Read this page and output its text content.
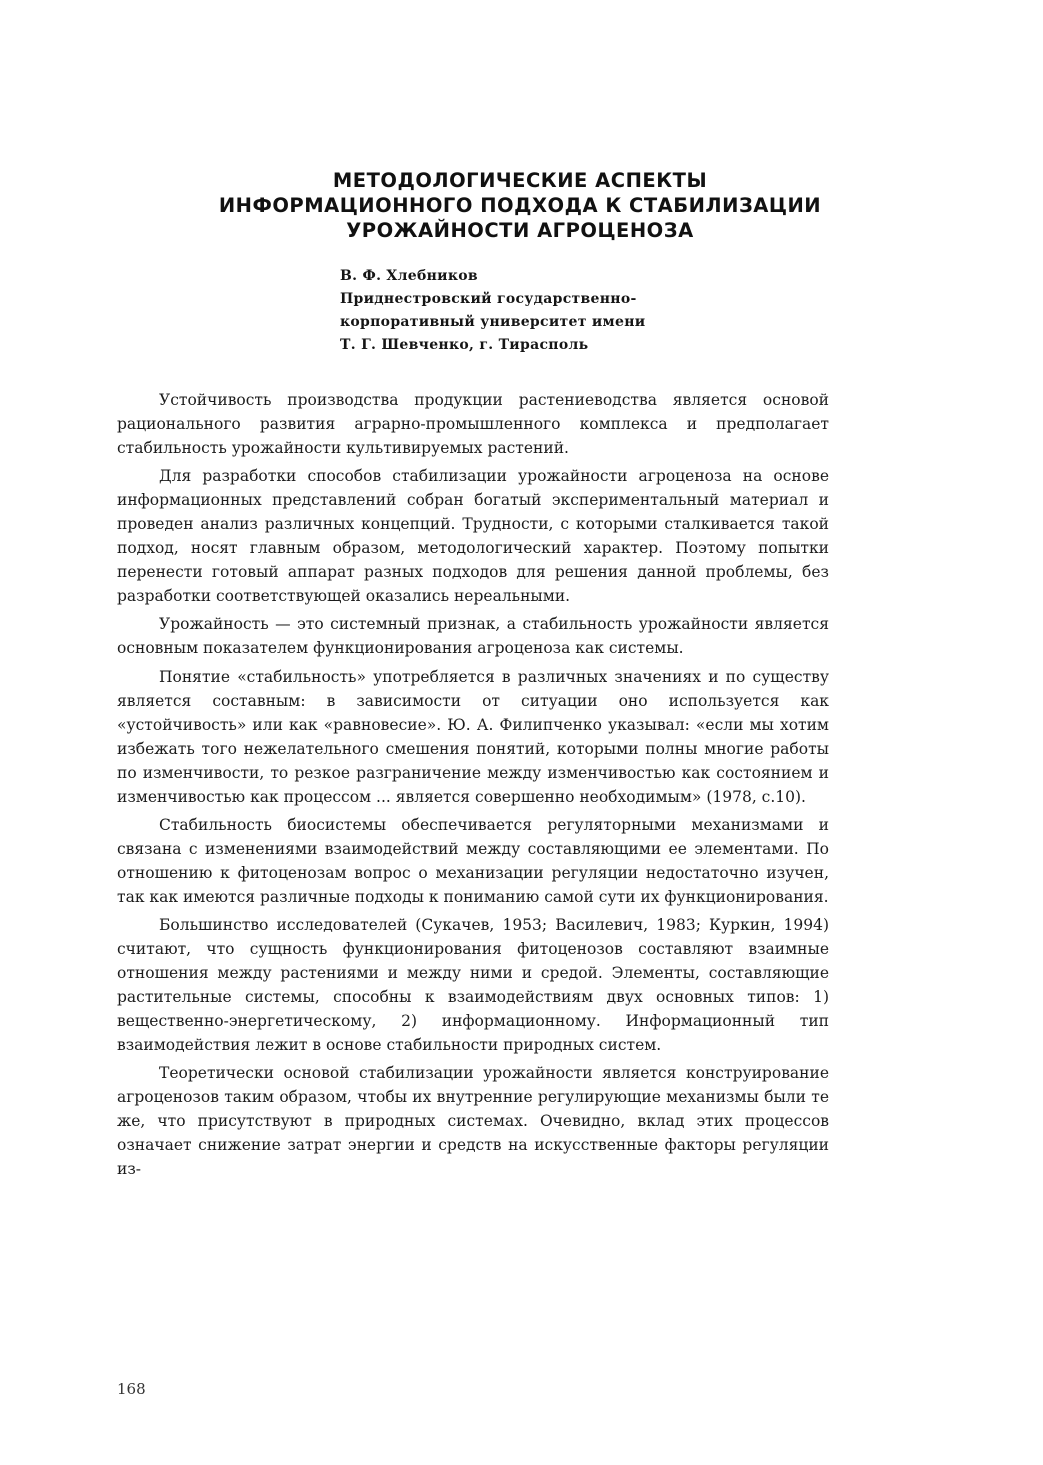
МЕТОДОЛОГИЧЕСКИЕ АСПЕКТЫ
ИНФОРМАЦИОННОГО ПОДХОДА К СТАБИЛИЗАЦИИ
УРОЖАЙНОСТИ АГРОЦЕНОЗА
В. Ф. Хлебников
Приднестровский государственно-
корпоративный университет имени
Т. Г. Шевченко, г. Тирасполь

Устойчивость производства продукции растениеводства является основой рационального развития аграрно-промышленного комплекса и предполагает стабильность урожайности культивируемых растений.

Для разработки способов стабилизации урожайности агроценоза на основе информационных представлений собран богатый экспериментальный материал и проведен анализ различных концепций. Трудности, с которыми сталкивается такой подход, носят главным образом, методологический характер. Поэтому попытки перенести готовый аппарат разных подходов для решения данной проблемы, без разработки соответствующей оказались нереальными.

Урожайность — это системный признак, а стабильность урожайности является основным показателем функционирования агроценоза как системы.

Понятие «стабильность» употребляется в различных значениях и по существу является составным: в зависимости от ситуации оно используется как «устойчивость» или как «равновесие». Ю. А. Филипченко указывал: «если мы хотим избежать того нежелательного смешения понятий, которыми полны многие работы по изменчивости, то резкое разграничение между изменчивостью как состоянием и изменчивостью как процессом ... является совершенно необходимым» (1978, с.10).

Стабильность биосистемы обеспечивается регуляторными механизмами и связана с изменениями взаимодействий между составляющими ее элементами. По отношению к фитоценозам вопрос о механизации регуляции недостаточно изучен, так как имеются различные подходы к пониманию самой сути их функционирования.

Большинство исследователей (Сукачев, 1953; Василевич, 1983; Куркин, 1994) считают, что сущность функционирования фитоценозов составляют взаимные отношения между растениями и между ними и средой. Элементы, составляющие растительные системы, способны к взаимодействиям двух основных типов: 1) вещественно-энергетическому, 2) информационному. Информационный тип взаимодействия лежит в основе стабильности природных систем.

Теоретически основой стабилизации урожайности является конструирование агроценозов таким образом, чтобы их внутренние регулирующие механизмы были те же, что присутствуют в природных системах. Очевидно, вклад этих процессов означает снижение затрат энергии и средств на искусственные факторы регуляции из-

168
